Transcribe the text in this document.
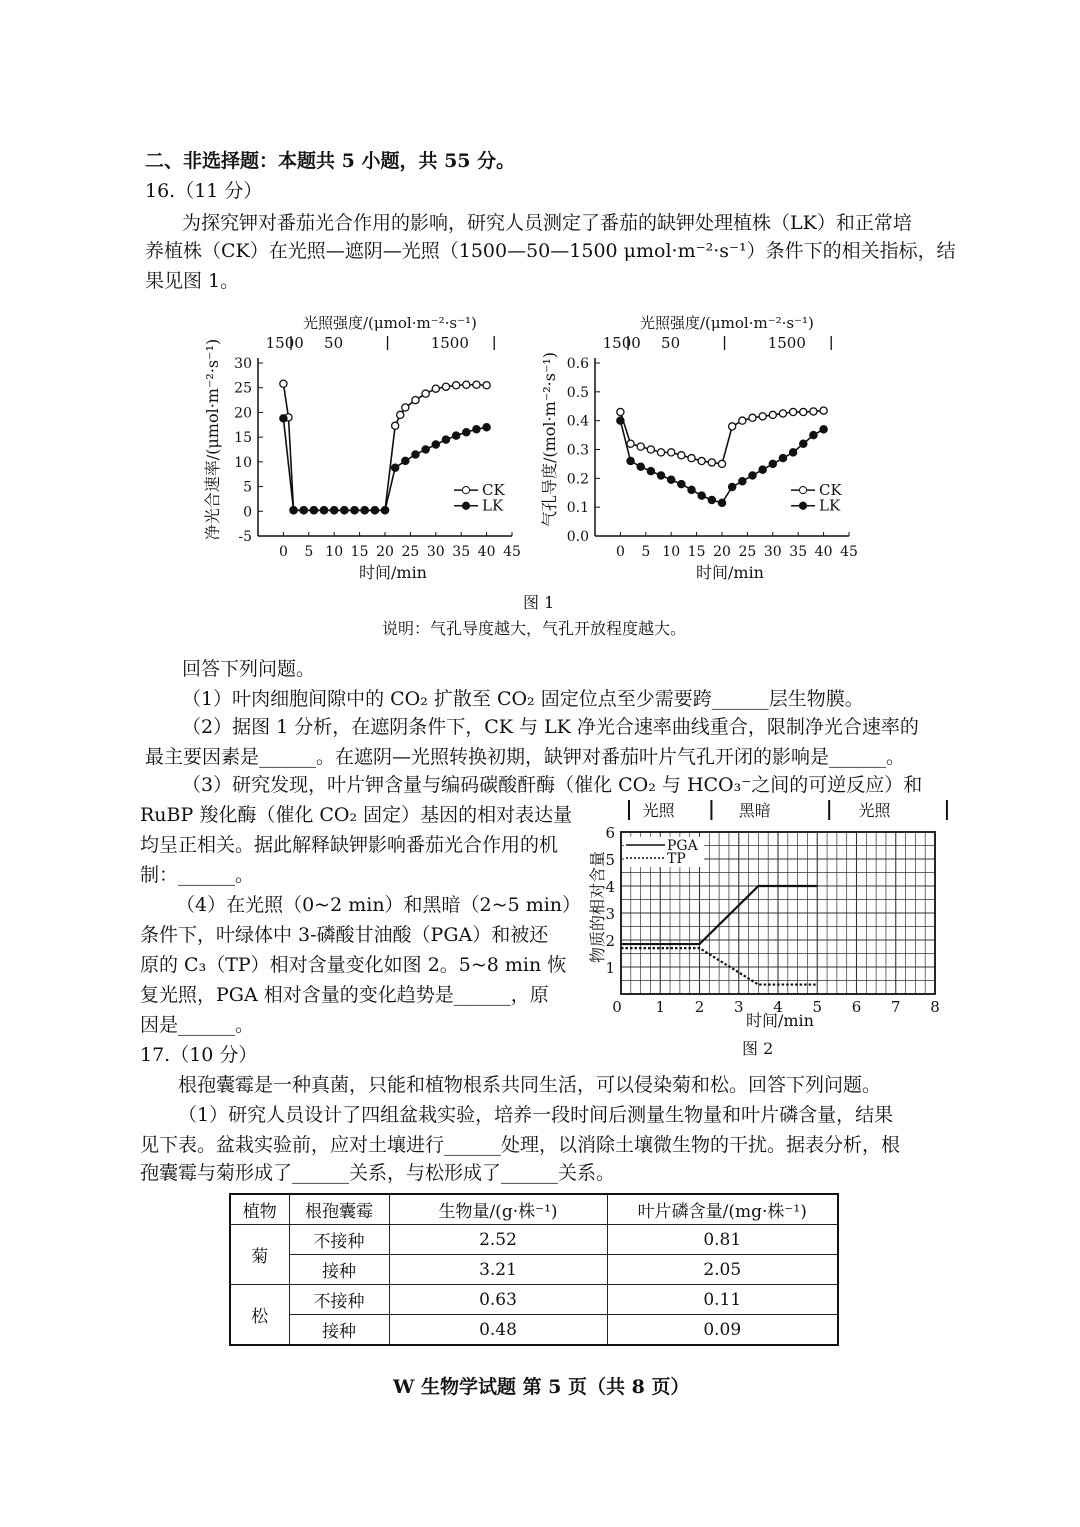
二、非选择题：本题共 5 小题，共 55 分。
16.（11 分）
为探究钾对番茄光合作用的影响，研究人员测定了番茄的缺钾处理植株（LK）和正常培
养植株（CK）在光照—遮阴—光照（1500—50—1500 μmol·m⁻²·s⁻¹）条件下的相关指标，结
果见图 1。
光照强度/(μmol·m⁻²·s⁻¹)
1500 50	1500
-5
0
5
10
15
20
25
30
0 5 10 15 20 25 30 35 40 45
时间/min
净光合速率/(μmol·m⁻²·s⁻¹)	CK
LK
光照强度/(μmol·m⁻²·s⁻¹)
1500 50	1500
0.0
0.1
0.2
0.3
0.4
0.5
0.6
0 5 10 15 20 25 30 35 40 45
时间/min
气孔导度/(mol·m⁻²·s⁻¹)	CK
LK
图 1
说明：气孔导度越大，气孔开放程度越大。
回答下列问题。
（1）叶肉细胞间隙中的 CO₂ 扩散至 CO₂ 固定位点至少需要跨______层生物膜。
（2）据图 1 分析，在遮阴条件下，CK 与 LK 净光合速率曲线重合，限制净光合速率的
最主要因素是______。在遮阴—光照转换初期，缺钾对番茄叶片气孔开闭的影响是______。
（3）研究发现，叶片钾含量与编码碳酸酐酶（催化 CO₂ 与 HCO₃⁻之间的可逆反应）和
RuBP 羧化酶（催化 CO₂ 固定）基因的相对表达量
均呈正相关。据此解释缺钾影响番茄光合作用的机
制：______。
（4）在光照（0~2 min）和黑暗（2~5 min）
条件下，叶绿体中 3-磷酸甘油酸（PGA）和被还
原的 C₃（TP）相对含量变化如图 2。5~8 min 恢
复光照，PGA 相对含量的变化趋势是______，原
因是______。
光照	黑暗	光照
1
2
3
4
5
6
0 1 2 3 4 5 6 7 8
时间/min
物质的相对含量
PGA
TP
图 2
17.（10 分）
根孢囊霉是一种真菌，只能和植物根系共同生活，可以侵染菊和松。回答下列问题。
（1）研究人员设计了四组盆栽实验，培养一段时间后测量生物量和叶片磷含量，结果
见下表。盆栽实验前，应对土壤进行______处理，以消除土壤微生物的干扰。据表分析，根
孢囊霉与菊形成了______关系，与松形成了______关系。
植物	根孢囊霉	生物量/(g·株⁻¹)	叶片磷含量/(mg·株⁻¹)
菊	不接种	2.52	0.81
	接种	3.21	2.05
松	不接种	0.63	0.11
	接种	0.48	0.09
W 生物学试题 第 5 页（共 8 页）
